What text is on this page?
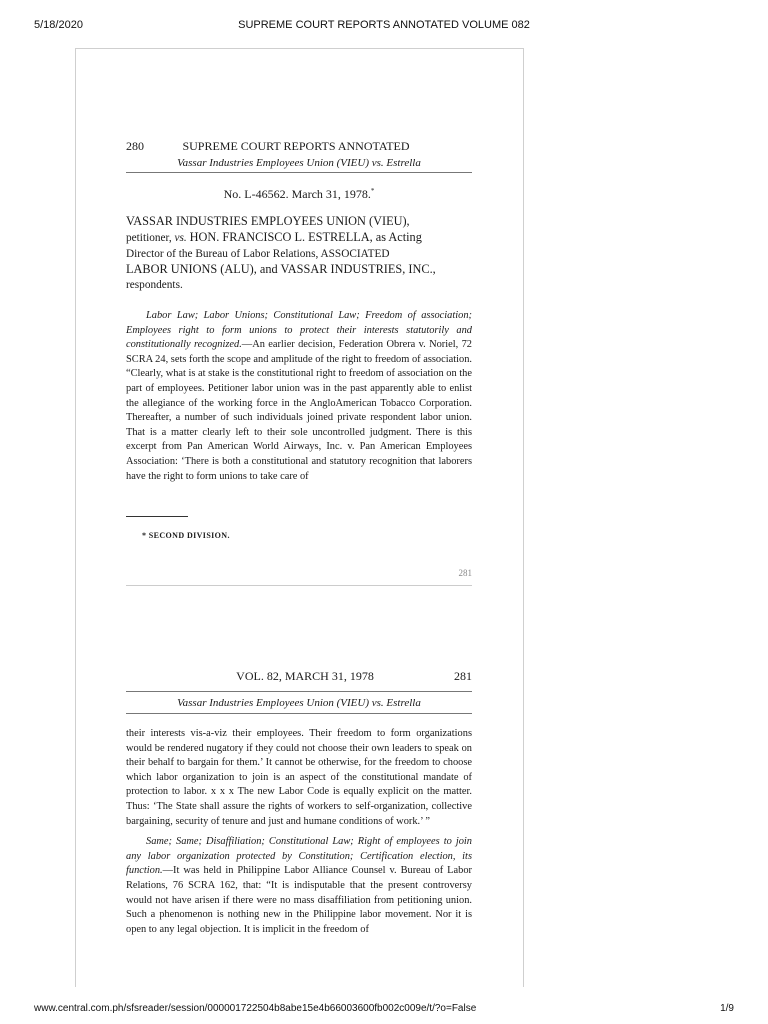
5/18/2020	SUPREME COURT REPORTS ANNOTATED VOLUME 082
280	SUPREME COURT REPORTS ANNOTATED
Vassar Industries Employees Union (VIEU) vs. Estrella
No. L-46562. March 31, 1978.*
VASSAR INDUSTRIES EMPLOYEES UNION (VIEU),
petitioner, vs. HON. FRANCISCO L. ESTRELLA, as Acting
Director of the Bureau of Labor Relations, ASSOCIATED
LABOR UNIONS (ALU), and VASSAR INDUSTRIES, INC.,
respondents.
Labor Law; Labor Unions; Constitutional Law; Freedom of association; Employees right to form unions to protect their interests statutorily and constitutionally recognized.—An earlier decision, Federation Obrera v. Noriel, 72 SCRA 24, sets forth the scope and amplitude of the right to freedom of association. “Clearly, what is at stake is the constitutional right to freedom of association on the part of employees. Petitioner labor union was in the past apparently able to enlist the allegiance of the working force in the AngloAmerican Tobacco Corporation. Thereafter, a number of such individuals joined private respondent labor union. That is a matter clearly left to their sole uncontrolled judgment. There is this excerpt from Pan American World Airways, Inc. v. Pan American Employees Association: ‘There is both a constitutional and statutory recognition that laborers have the right to form unions to take care of
* SECOND DIVISION.
281
VOL. 82, MARCH 31, 1978	281
Vassar Industries Employees Union (VIEU) vs. Estrella
their interests vis-a-viz their employees. Their freedom to form organizations would be rendered nugatory if they could not choose their own leaders to speak on their behalf to bargain for them.’ It cannot be otherwise, for the freedom to choose which labor organization to join is an aspect of the constitutional mandate of protection to labor. x x x The new Labor Code is equally explicit on the matter. Thus: ‘The State shall assure the rights of workers to self-organization, collective bargaining, security of tenure and just and humane conditions of work.’ ”
Same; Same; Disaffiliation; Constitutional Law; Right of employees to join any labor organization protected by Constitution; Certification election, its function.—It was held in Philippine Labor Alliance Counsel v. Bureau of Labor Relations, 76 SCRA 162, that: “It is indisputable that the present controversy would not have arisen if there were no mass disaffiliation from petitioning union. Such a phenomenon is nothing new in the Philippine labor movement. Nor it is open to any legal objection. It is implicit in the freedom of
www.central.com.ph/sfsreader/session/000001722504b8abe15e4b66003600fb002c009e/t/?o=False	1/9
